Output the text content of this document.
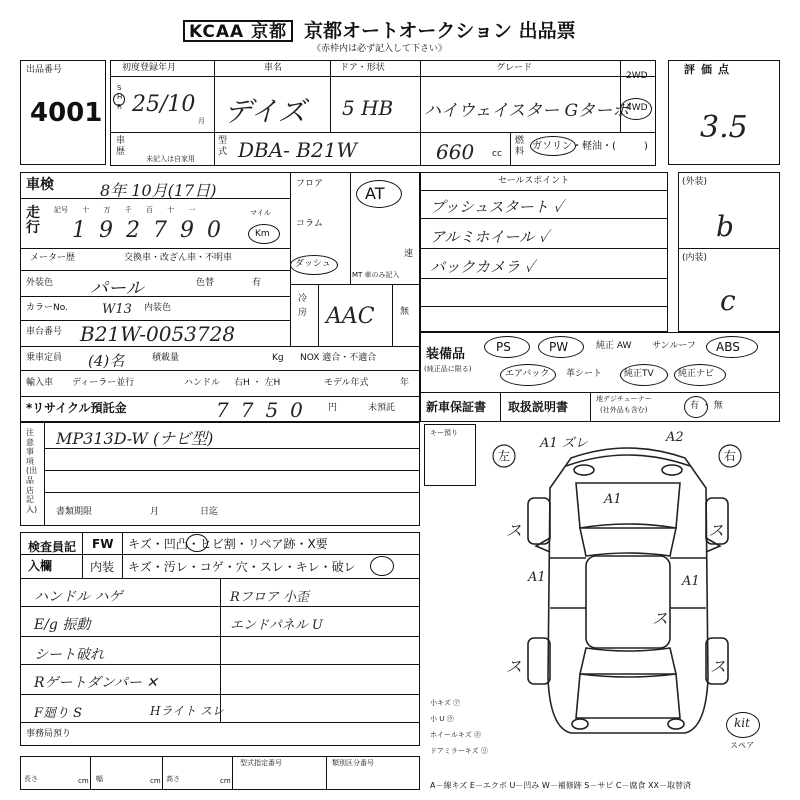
KCAA 京都 京都オートオークション 出品票
《赤枠内は必ず記入して下さい》
出品番号
4001
初度登録年月
S
H
R 25/10
月
車名
デイズ
ドア・形状
5 HB
グレード
ハイウェイスター Gターボ
2WD
4WD
車歴
未記入は自家用
型式 DBA- B21W	660 cc
燃料 ガソリン・軽油・(	)
評価点
3.5
車検	8年 10月(17日)
走行
記号 十 万 千 百 十 一
192790
マイル
Km
メーター歴	交換車・改ざん車・不明車
外装色 パール	色替	有
カラーNo.	W13 内装色
車台番号 B21W-0053728
乗車定員 (4)名	積載量	Kg NOX 適合・不適合
輸入車 ディーラー並行	ハンドル 右H ・ 左H	モデル年式	年
*リサイクル預託金	7750 円	未預託
フロア
コラム
ダッシュ
AT
MT 車のみ記入
速
冷房 AAC	無
セールスポイント
プッシュスタート ✓
アルミホイール ✓
バックカメラ ✓
(外装)
b
(内装)
c
装備品
(純正品に限る)
PS	PW	純正 AW サンルーフ ABS
エアバック 革シート 純正TV	純正ナビ
新車保証書 取扱説明書
地デジチューナー
(社外品も含む)	有 ・ 無
注意事項(出品店記入)
MP313D-W (ナビ型)
書類期限	月	日迄
キー預り
検査員記入欄
FW キズ・凹凸・ヒビ割・リペア跡・X要
内装 キズ・汚レ・コゲ・穴・スレ・キレ・破レ
ハンドル ハゲ	Rフロア 小歪
E/g 振動	エンドパネル U
シート破れ
Rゲートダンパー ✕
F廻り S	Hライト スレ
事務局預り
長さ	cm 幅	cm 高さ	cm
型式指定番号	類別区分番号
左	右
A1 ズレ	A2
A1
A1	A1
ス	ス
ス	ス
ス
小キズ ㋐
小 U ㋒
ホイールキズ ㋭
ドアミラーキズ ㋷
kit
スペア
A－線キズ E－エクボ U－凹み W－補修跡 S－サビ C－腐食 XX－取替済
